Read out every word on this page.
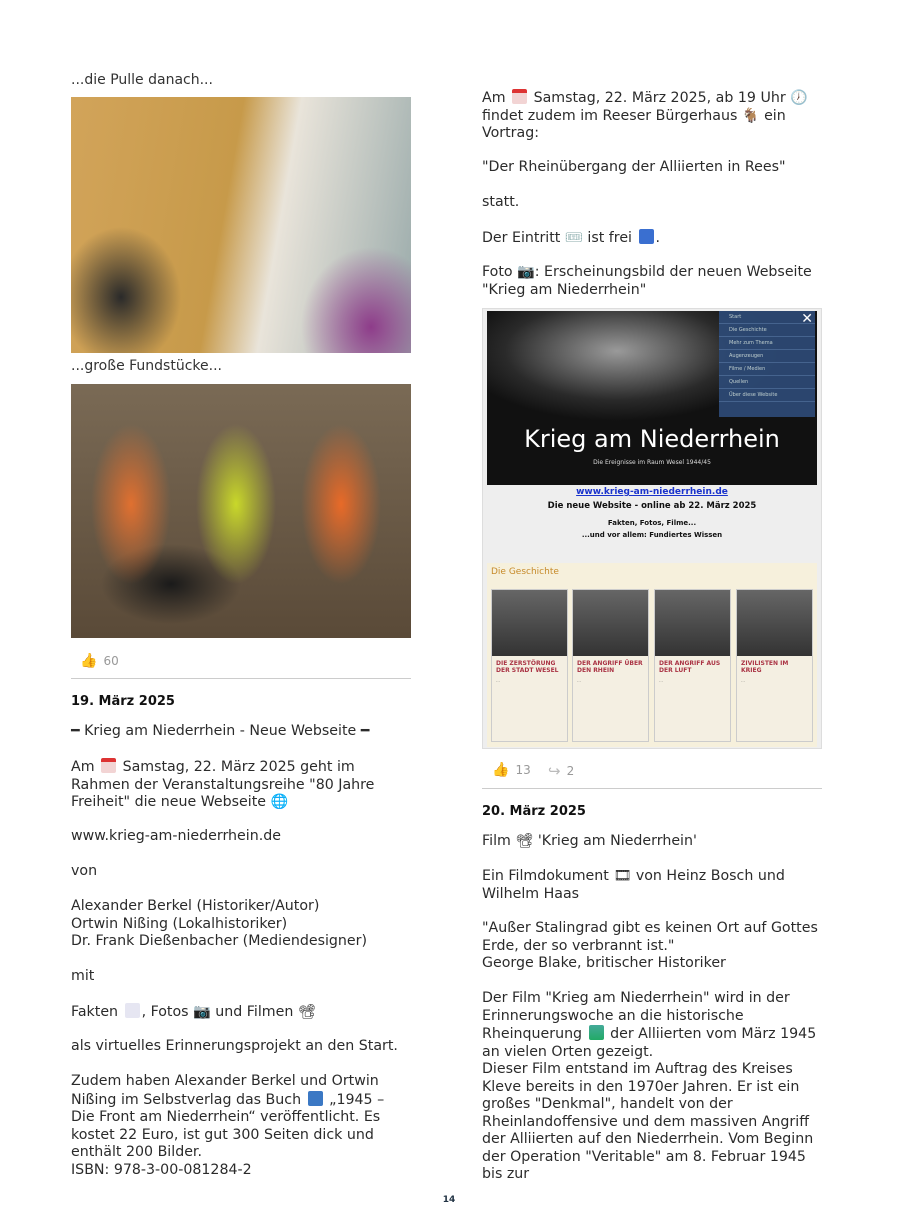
...die Pulle danach...
...große Fundstücke...
👍 60
19. März 2025
━ Krieg am Niederrhein - Neue Webseite ━
Am Samstag, 22. März 2025 geht im Rahmen der Veranstaltungsreihe "80 Jahre Freiheit" die neue Webseite 🌐
www.krieg-am-niederrhein.de
von
Alexander Berkel (Historiker/Autor)
Ortwin Nißing (Lokalhistoriker)
Dr. Frank Dießenbacher (Mediendesigner)
mit
Fakten , Fotos 📷 und Filmen 📽
als virtuelles Erinnerungsprojekt an den Start.
Zudem haben Alexander Berkel und Ortwin Nißing im Selbstverlag das Buch „1945 – Die Front am Niederrhein“ veröffentlicht. Es kostet 22 Euro, ist gut 300 Seiten dick und enthält 200 Bilder.
ISBN: 978-3-00-081284-2
Am Samstag, 22. März 2025, ab 19 Uhr 🕖 findet zudem im Reeser Bürgerhaus 🐐 ein Vortrag:
"Der Rheinübergang der Alliierten in Rees"
statt.
Der Eintritt 🎟 ist frei .
Foto 📷: Erscheinungsbild der neuen Webseite "Krieg am Niederrhein"
Start
Die Geschichte
Mehr zum Thema
Augenzeugen
Filme / Medien
Quellen
Über diese Website
✕
Krieg am Niederrhein
Die Ereignisse im Raum Wesel 1944/45
www.krieg-am-niederrhein.de
Die neue Website - online ab 22. März 2025
Fakten, Fotos, Filme...
...und vor allem: Fundiertes Wissen
Die Geschichte
DIE ZERSTÖRUNG DER STADT WESEL
…
DER ANGRIFF ÜBER DEN RHEIN
…
DER ANGRIFF AUS DER LUFT
…
ZIVILISTEN IM KRIEG
…
👍 13 ↪ 2
20. März 2025
Film 📽 'Krieg am Niederrhein'
Ein Filmdokument 🎞 von Heinz Bosch und Wilhelm Haas
"Außer Stalingrad gibt es keinen Ort auf Gottes Erde, der so verbrannt ist."
George Blake, britischer Historiker
Der Film "Krieg am Niederrhein" wird in der Erinnerungswoche an die historische Rheinquerung der Alliierten vom März 1945 an vielen Orten gezeigt.
Dieser Film entstand im Auftrag des Kreises Kleve bereits in den 1970er Jahren. Er ist ein großes "Denkmal", handelt von der Rheinlandoffensive und dem massiven Angriff der Alliierten auf den Niederrhein. Vom Beginn der Operation "Veritable" am 8. Februar 1945 bis zur
14
